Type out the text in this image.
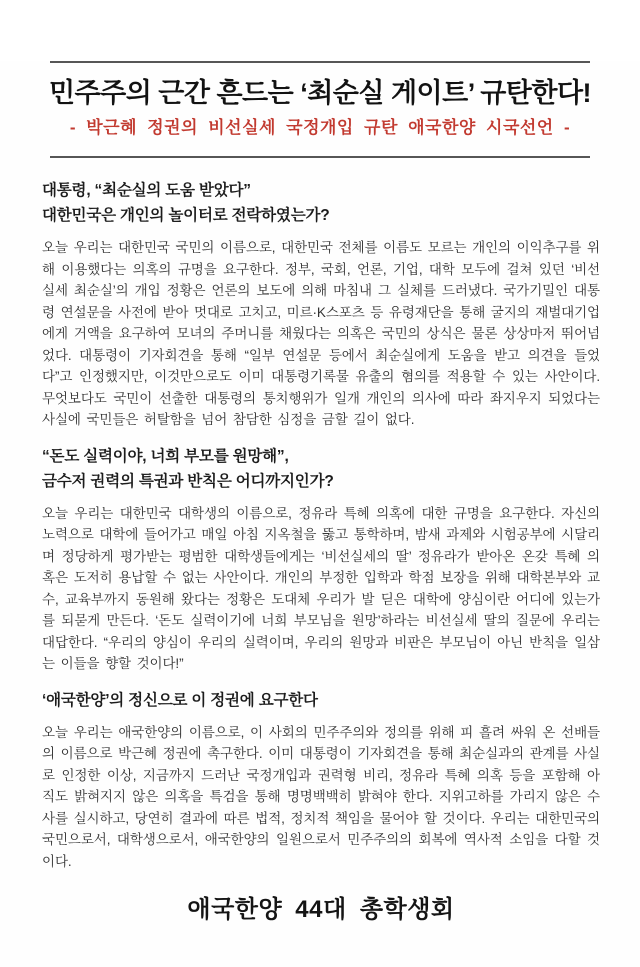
민주주의 근간 흔드는 ‘최순실 게이트’ 규탄한다!

- 박근혜 정권의 비선실세 국정개입 규탄 애국한양 시국선언 -

대통령, “최순실의 도움 받았다”
대한민국은 개인의 놀이터로 전락하였는가?

오늘 우리는 대한민국 국민의 이름으로, 대한민국 전체를 이름도 모르는 개인의 이익추구를 위해 이용했다는 의혹의 규명을 요구한다. 정부, 국회, 언론, 기업, 대학 모두에 걸쳐 있던 ‘비선실세 최순실’의 개입 정황은 언론의 보도에 의해 마침내 그 실체를 드러냈다. 국가기밀인 대통령 연설문을 사전에 받아 멋대로 고치고, 미르·K스포츠 등 유령재단을 통해 굴지의 재벌대기업에게 거액을 요구하여 모녀의 주머니를 채웠다는 의혹은 국민의 상식은 물론 상상마저 뛰어넘었다. 대통령이 기자회견을 통해 “일부 연설문 등에서 최순실에게 도움을 받고 의견을 들었다”고 인정했지만, 이것만으로도 이미 대통령기록물 유출의 혐의를 적용할 수 있는 사안이다. 무엇보다도 국민이 선출한 대통령의 통치행위가 일개 개인의 의사에 따라 좌지우지 되었다는 사실에 국민들은 허탈함을 넘어 참담한 심정을 금할 길이 없다.

“돈도 실력이야, 너희 부모를 원망해”,
금수저 권력의 특권과 반칙은 어디까지인가?

오늘 우리는 대한민국 대학생의 이름으로, 정유라 특혜 의혹에 대한 규명을 요구한다. 자신의 노력으로 대학에 들어가고 매일 아침 지옥철을 뚫고 통학하며, 밤새 과제와 시험공부에 시달리며 정당하게 평가받는 평범한 대학생들에게는 ‘비선실세의 딸’ 정유라가 받아온 온갖 특혜 의혹은 도저히 용납할 수 없는 사안이다. 개인의 부정한 입학과 학점 보장을 위해 대학본부와 교수, 교육부까지 동원해 왔다는 정황은 도대체 우리가 발 딛은 대학에 양심이란 어디에 있는가를 되묻게 만든다. ‘돈도 실력이기에 너희 부모님을 원망’하라는 비선실세 딸의 질문에 우리는 대답한다. “우리의 양심이 우리의 실력이며, 우리의 원망과 비판은 부모님이 아닌 반칙을 일삼는 이들을 향할 것이다!”

‘애국한양’의 정신으로 이 정권에 요구한다

오늘 우리는 애국한양의 이름으로, 이 사회의 민주주의와 정의를 위해 피 흘려 싸워 온 선배들의 이름으로 박근혜 정권에 촉구한다. 이미 대통령이 기자회견을 통해 최순실과의 관계를 사실로 인정한 이상, 지금까지 드러난 국정개입과 권력형 비리, 정유라 특혜 의혹 등을 포함해 아직도 밝혀지지 않은 의혹을 특검을 통해 명명백백히 밝혀야 한다. 지위고하를 가리지 않은 수사를 실시하고, 당연히 결과에 따른 법적, 정치적 책임을 물어야 할 것이다. 우리는 대한민국의 국민으로서, 대학생으로서, 애국한양의 일원으로서 민주주의의 회복에 역사적 소임을 다할 것이다.

애국한양 44대 총학생회
